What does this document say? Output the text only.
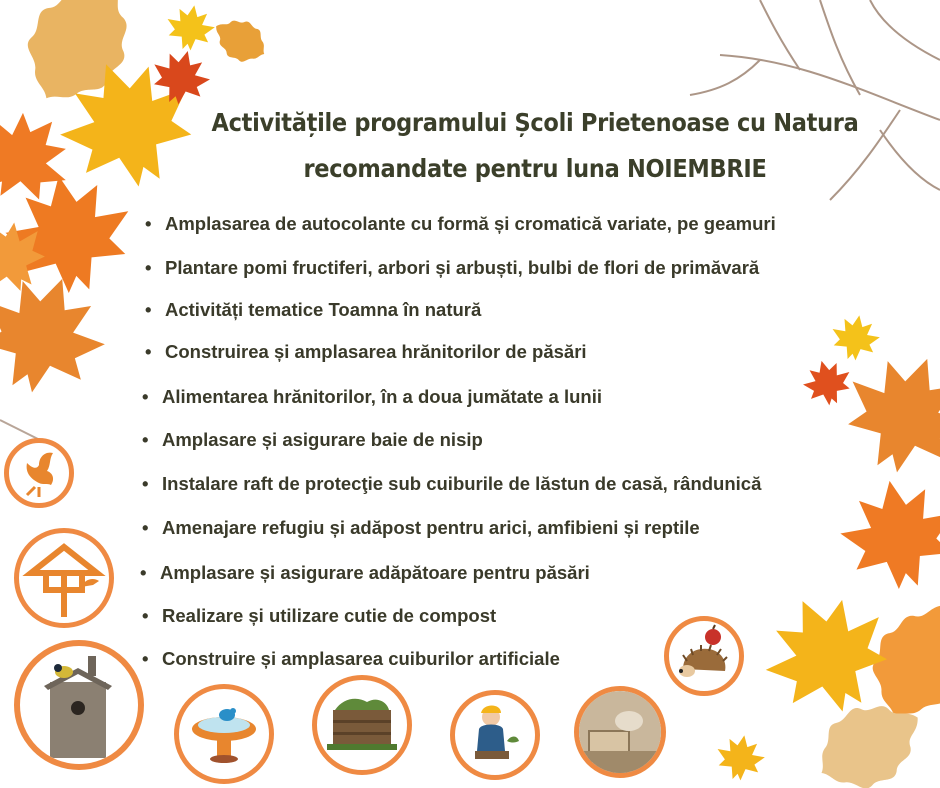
Activitățile programului Școli Prietenoase cu Natura
recomandate pentru luna NOIEMBRIE
• Amplasarea de autocolante cu formă și cromatică variate, pe geamuri
• Plantare pomi fructiferi, arbori și arbuști, bulbi de flori de primăvară
• Activități tematice Toamna în natură
• Construirea și amplasarea hrănitorilor de păsări
• Alimentarea hrănitorilor, în a doua jumătate a lunii
• Amplasare și asigurare baie de nisip
• Instalare raft de protecţie sub cuiburile de lăstun de casă, rândunică
• Amenajare refugiu și adăpost pentru arici, amfibieni și reptile
• Amplasare și asigurare adăpătoare pentru păsări
• Realizare și utilizare cutie de compost
• Construire și amplasarea cuiburilor artificiale
